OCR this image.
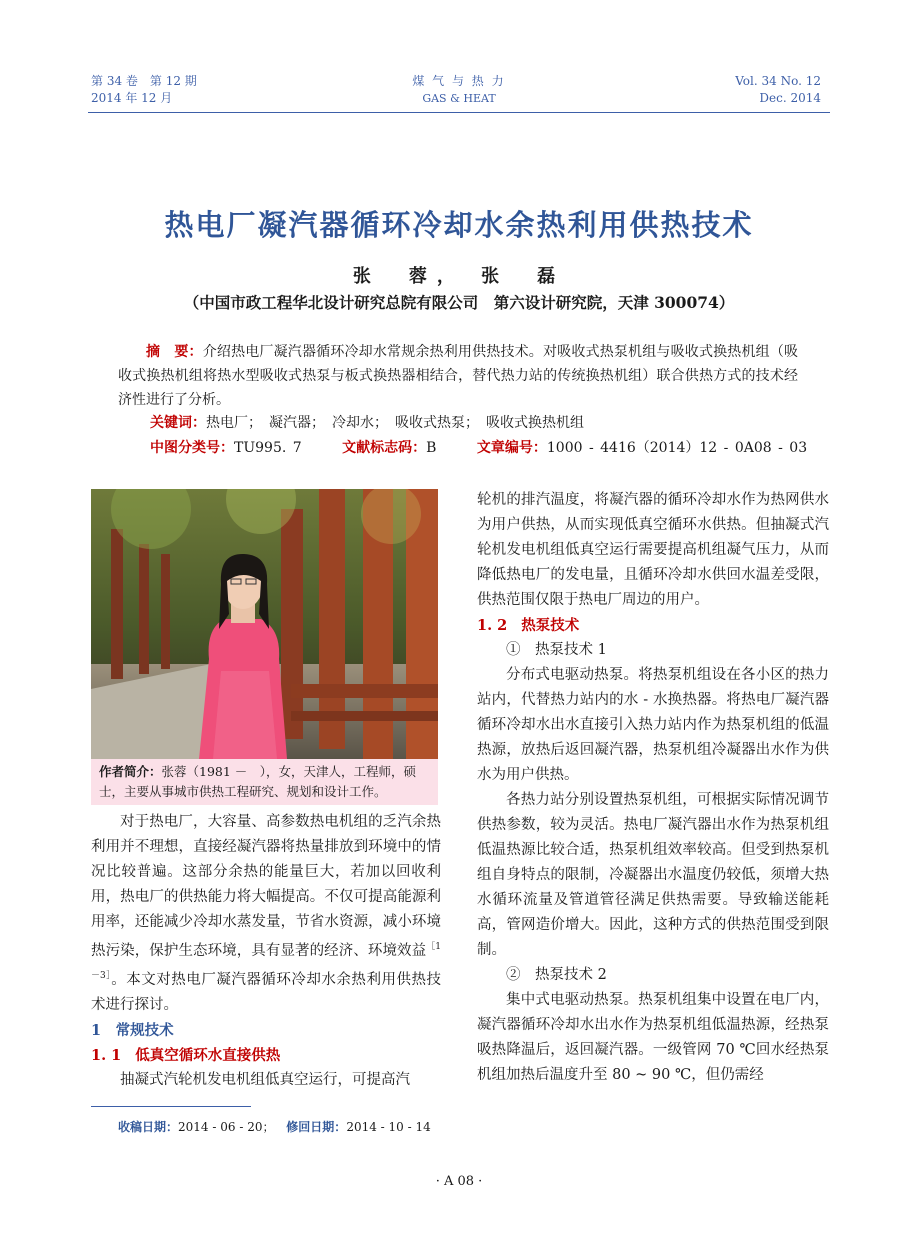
第 34 卷　第 12 期
2014 年 12 月
煤 气 与 热 力
GAS & HEAT
Vol. 34 No. 12
Dec. 2014
热电厂凝汽器循环冷却水余热利用供热技术
张　蓉， 张　磊
（中国市政工程华北设计研究总院有限公司　第六设计研究院，天津 300074）

摘　要：介绍热电厂凝汽器循环冷却水常规余热利用供热技术。对吸收式热泵机组与吸收式换热机组（吸收式换热机组将热水型吸收式热泵与板式换热器相结合，替代热力站的传统换热机组）联合供热方式的技术经济性进行了分析。

关键词：热电厂；　凝汽器；　冷却水；　吸收式热泵；　吸收式换热机组
中图分类号：TU995. 7	文献标志码：B	文章编号：1000 - 4416（2014）12 - 0A08 - 03
作者简介：张蓉（1981 －　），女，天津人，工程师，硕士，主要从事城市供热工程研究、规划和设计工作。

对于热电厂，大容量、高参数热电机组的乏汽余热利用并不理想，直接经凝汽器将热量排放到环境中的情况比较普遍。这部分余热的能量巨大，若加以回收利用，热电厂的供热能力将大幅提高。不仅可提高能源利用率，还能减少冷却水蒸发量，节省水资源，减小环境热污染，保护生态环境，具有显著的经济、环境效益$^{[1-3]}$。本文对热电厂凝汽器循环冷却水余热利用供热技术进行探讨。

1　常规技术

1. 1 低真空循环水直接供热

抽凝式汽轮机发电机组低真空运行，可提高汽

轮机的排汽温度，将凝汽器的循环冷却水作为热网供水为用户供热，从而实现低真空循环水供热。但抽凝式汽轮机发电机组低真空运行需要提高机组凝气压力，从而降低热电厂的发电量，且循环冷却水供回水温差受限，供热范围仅限于热电厂周边的用户。

1. 2 热泵技术

①　热泵技术 1

分布式电驱动热泵。将热泵机组设在各小区的热力站内，代替热力站内的水 - 水换热器。将热电厂凝汽器循环冷却水出水直接引入热力站内作为热泵机组的低温热源，放热后返回凝汽器，热泵机组冷凝器出水作为供水为用户供热。

各热力站分别设置热泵机组，可根据实际情况调节供热参数，较为灵活。热电厂凝汽器出水作为热泵机组低温热源比较合适，热泵机组效率较高。但受到热泵机组自身特点的限制，冷凝器出水温度仍较低，须增大热水循环流量及管道管径满足供热需要。导致输送能耗高，管网造价增大。因此，这种方式的供热范围受到限制。

②　热泵技术 2

集中式电驱动热泵。热泵机组集中设置在电厂内，凝汽器循环冷却水出水作为热泵机组低温热源，经热泵吸热降温后，返回凝汽器。一级管网 70 ℃回水经热泵机组加热后温度升至 80 ~ 90 ℃，但仍需经

收稿日期：2014 - 06 - 20； 修回日期：2014 - 10 - 14
· A 08 ·
